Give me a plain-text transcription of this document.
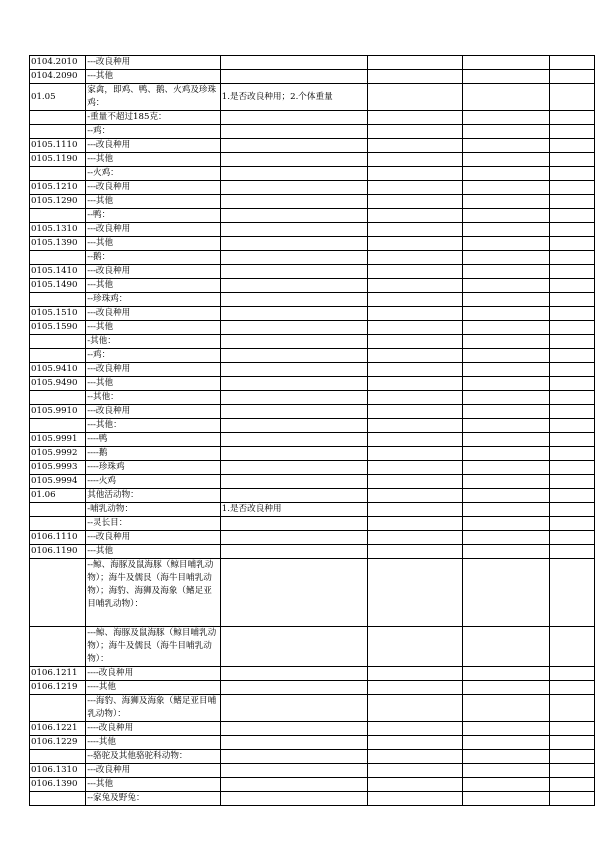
0104.2010	---改良种用				
0104.2090	---其他				
01.05	家禽，即鸡、鸭、鹅、火鸡及珍珠鸡：	1.是否改良种用；2.个体重量			
	-重量不超过185克：				
	--鸡：				
0105.1110	---改良种用				
0105.1190	---其他				
	--火鸡：				
0105.1210	---改良种用				
0105.1290	---其他				
	--鸭：				
0105.1310	---改良种用				
0105.1390	---其他				
	--鹅：				
0105.1410	---改良种用				
0105.1490	---其他				
	--珍珠鸡：				
0105.1510	---改良种用				
0105.1590	---其他				
	-其他：				
	--鸡：				
0105.9410	---改良种用				
0105.9490	---其他				
	--其他：				
0105.9910	---改良种用				
	---其他：				
0105.9991	----鸭				
0105.9992	----鹅				
0105.9993	----珍珠鸡				
0105.9994	----火鸡				
01.06	其他活动物：				
	-哺乳动物：	1.是否改良种用			
	--灵长目：				
0106.1110	---改良种用				
0106.1190	---其他				
	--鲸、海豚及鼠海豚（鲸目哺乳动物）；海牛及儒艮（海牛目哺乳动物）；海豹、海狮及海象（鳍足亚目哺乳动物）：				
	---鲸、海豚及鼠海豚（鲸目哺乳动物）；海牛及儒艮（海牛目哺乳动物）：				
0106.1211	----改良种用				
0106.1219	----其他				
	---海豹、海狮及海象（鳍足亚目哺乳动物）：				
0106.1221	----改良种用				
0106.1229	----其他				
	--骆驼及其他骆驼科动物：				
0106.1310	---改良种用				
0106.1390	---其他				
	--家兔及野兔：				
